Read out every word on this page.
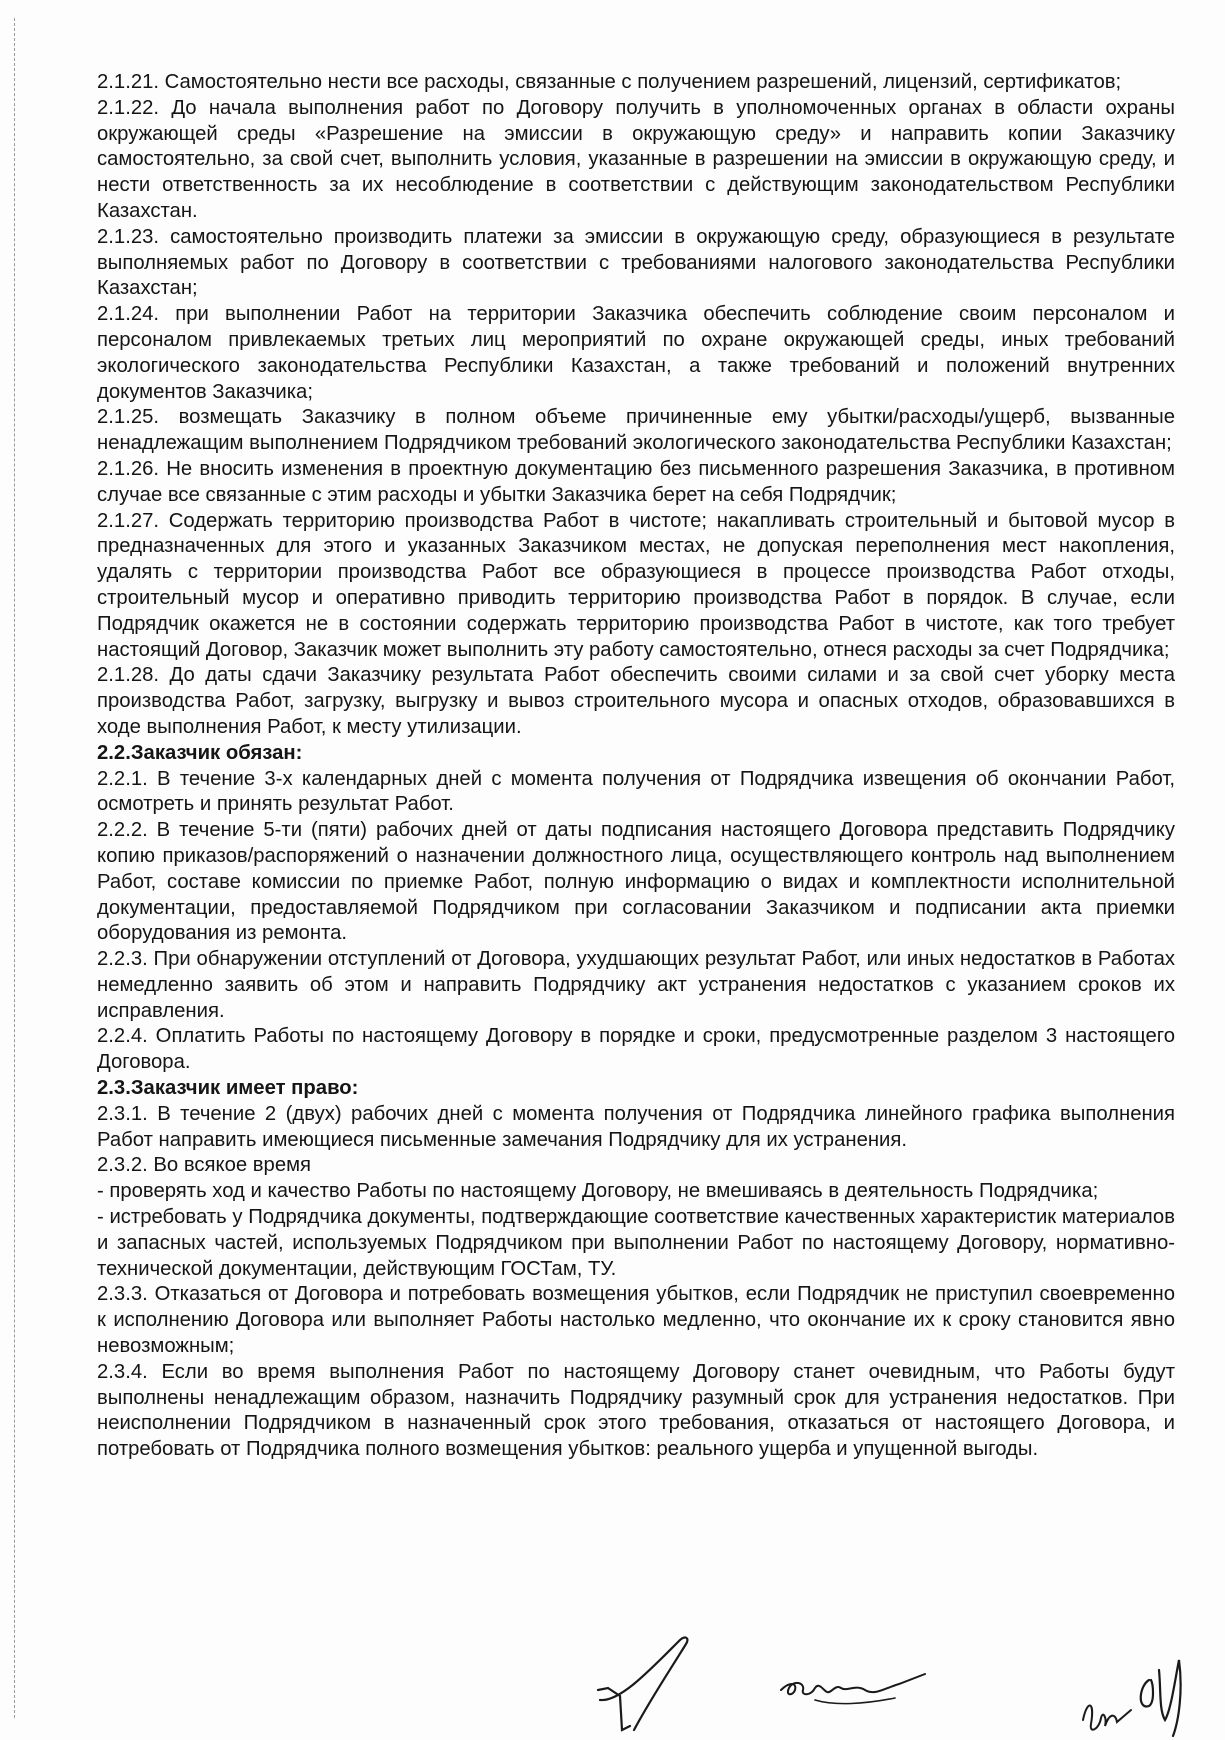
2.1.21. Самостоятельно нести все расходы, связанные с получением разрешений, лицензий, сертификатов;

2.1.22. До начала выполнения работ по Договору получить в уполномоченных органах в области охраны окружающей среды «Разрешение на эмиссии в окружающую среду» и направить копии Заказчику самостоятельно, за свой счет, выполнить условия, указанные в разрешении на эмиссии в окружающую среду, и нести ответственность за их несоблюдение в соответствии с действующим законодательством Республики Казахстан.

2.1.23. самостоятельно производить платежи за эмиссии в окружающую среду, образующиеся в результате выполняемых работ по Договору в соответствии с требованиями налогового законодательства Республики Казахстан;

2.1.24. при выполнении Работ на территории Заказчика обеспечить соблюдение своим персоналом и персоналом привлекаемых третьих лиц мероприятий по охране окружающей среды, иных требований экологического законодательства Республики Казахстан, а также требований и положений внутренних документов Заказчика;

2.1.25. возмещать Заказчику в полном объеме причиненные ему убытки/расходы/ущерб, вызванные ненадлежащим выполнением Подрядчиком требований экологического законодательства Республики Казахстан;

2.1.26. Не вносить изменения в проектную документацию без письменного разрешения Заказчика, в противном случае все связанные с этим расходы и убытки Заказчика берет на себя Подрядчик;

2.1.27. Содержать территорию производства Работ в чистоте; накапливать строительный и бытовой мусор в предназначенных для этого и указанных Заказчиком местах, не допуская переполнения мест накопления, удалять с территории производства Работ все образующиеся в процессе производства Работ отходы, строительный мусор и оперативно приводить территорию производства Работ в порядок. В случае, если Подрядчик окажется не в состоянии содержать территорию производства Работ в чистоте, как того требует настоящий Договор, Заказчик может выполнить эту работу самостоятельно, отнеся расходы за счет Подрядчика;

2.1.28. До даты сдачи Заказчику результата Работ обеспечить своими силами и за свой счет уборку места производства Работ, загрузку, выгрузку и вывоз строительного мусора и опасных отходов, образовавшихся в ходе выполнения Работ, к месту утилизации.

2.2.Заказчик обязан:

2.2.1. В течение 3-х календарных дней с момента получения от Подрядчика извещения об окончании Работ, осмотреть и принять результат Работ.

2.2.2. В течение 5-ти (пяти) рабочих дней от даты подписания настоящего Договора представить Подрядчику копию приказов/распоряжений о назначении должностного лица, осуществляющего контроль над выполнением Работ, составе комиссии по приемке Работ, полную информацию о видах и комплектности исполнительной документации, предоставляемой Подрядчиком при согласовании Заказчиком и подписании акта приемки оборудования из ремонта.

2.2.3. При обнаружении отступлений от Договора, ухудшающих результат Работ, или иных недостатков в Работах немедленно заявить об этом и направить Подрядчику акт устранения недостатков с указанием сроков их исправления.

2.2.4. Оплатить Работы по настоящему Договору в порядке и сроки, предусмотренные разделом 3 настоящего Договора.

2.3.Заказчик имеет право:

2.3.1. В течение 2 (двух) рабочих дней с момента получения от Подрядчика линейного графика выполнения Работ направить имеющиеся письменные замечания Подрядчику для их устранения.

2.3.2. Во всякое время

- проверять ход и качество Работы по настоящему Договору, не вмешиваясь в деятельность Подрядчика;

- истребовать у Подрядчика документы, подтверждающие соответствие качественных характеристик материалов и запасных частей, используемых Подрядчиком при выполнении Работ по настоящему Договору, нормативно-технической документации, действующим ГОСТам, ТУ.

2.3.3. Отказаться от Договора и потребовать возмещения убытков, если Подрядчик не приступил своевременно к исполнению Договора или выполняет Работы настолько медленно, что окончание их к сроку становится явно невозможным;

2.3.4. Если во время выполнения Работ по настоящему Договору станет очевидным, что Работы будут выполнены ненадлежащим образом, назначить Подрядчику разумный срок для устранения недостатков. При неисполнении Подрядчиком в назначенный срок этого требования, отказаться от настоящего Договора, и потребовать от Подрядчика полного возмещения убытков: реального ущерба и упущенной выгоды.
